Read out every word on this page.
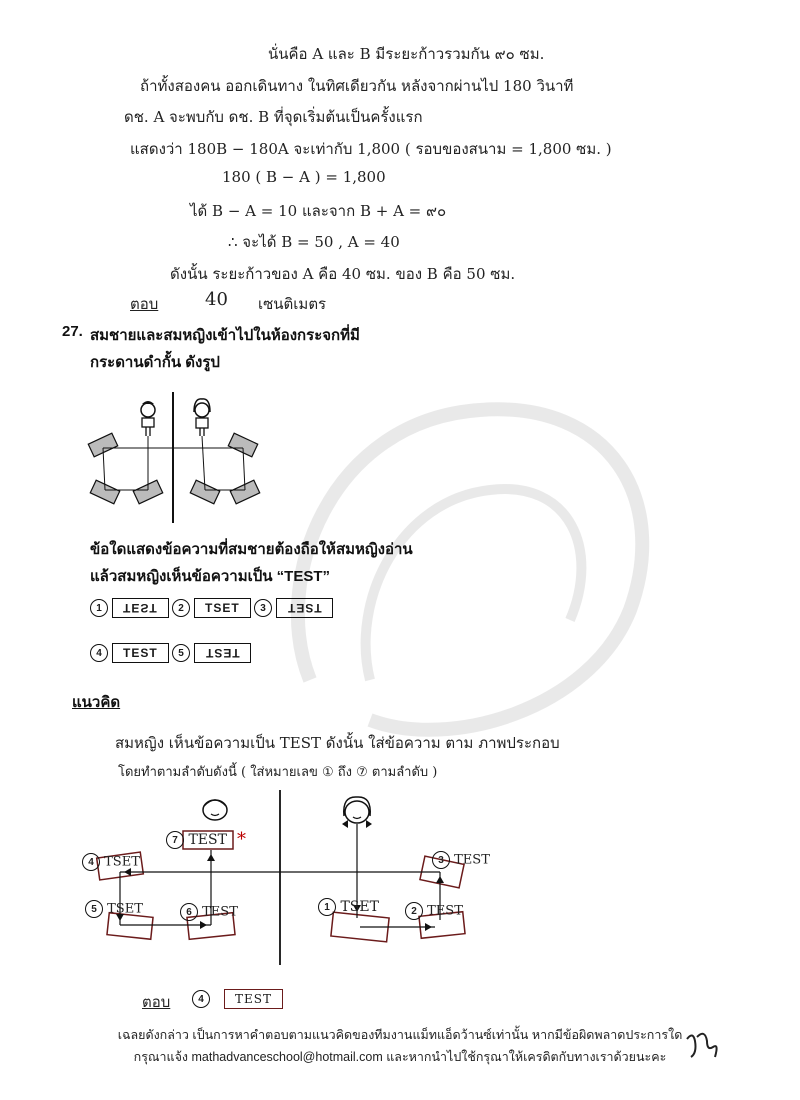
นั่นคือ A และ B มีระยะก้าวรวมกัน ๙๐ ซม.
ถ้าทั้งสองคน ออกเดินทาง ในทิศเดียวกัน หลังจากผ่านไป 180 วินาที
ดช. A จะพบกับ ดช. B ที่จุดเริ่มต้นเป็นครั้งแรก
แสดงว่า 180B − 180A จะเท่ากับ 1,800 ( รอบของสนาม = 1,800 ซม. )
180 ( B − A ) = 1,800
ได้ B − A = 10 และจาก B + A = ๙๐
∴ จะได้ B = 50 , A = 40
ดังนั้น ระยะก้าวของ A คือ 40 ซม. ของ B คือ 50 ซม.
ตอบ	40 เซนติเมตร
27. สมชายและสมหญิงเข้าไปในห้องกระจกที่มี
กระดานดำกั้น ดังรูป
ข้อใดแสดงข้อความที่สมชายต้องถือให้สมหญิงอ่าน
แล้วสมหญิงเห็นข้อความเป็น “TEST”
1	TEST	2	TSET	3	TSET
4	TEST	5	TEST
แนวคิด
สมหญิง เห็นข้อความเป็น TEST ดังนั้น ใส่ข้อความ ตาม ภาพประกอบ
โดยทำตามลำดับดังนี้ ( ใส่หมายเลข ① ถึง ⑦ ตามลำดับ )
7 TEST *
4 TSET
5 TSET	6 TEST	1 TSET	2 TEST
3 TEST
ตอบ	4	TEST
เฉลยดังกล่าว เป็นการหาคำตอบตามแนวคิดของทีมงานแม็ทแอ็ดว้านซ์เท่านั้น หากมีข้อผิดพลาดประการใด
กรุณาแจ้ง mathadvanceschool@hotmail.com และหากนำไปใช้กรุณาให้เครดิตกับทางเราด้วยนะคะ
